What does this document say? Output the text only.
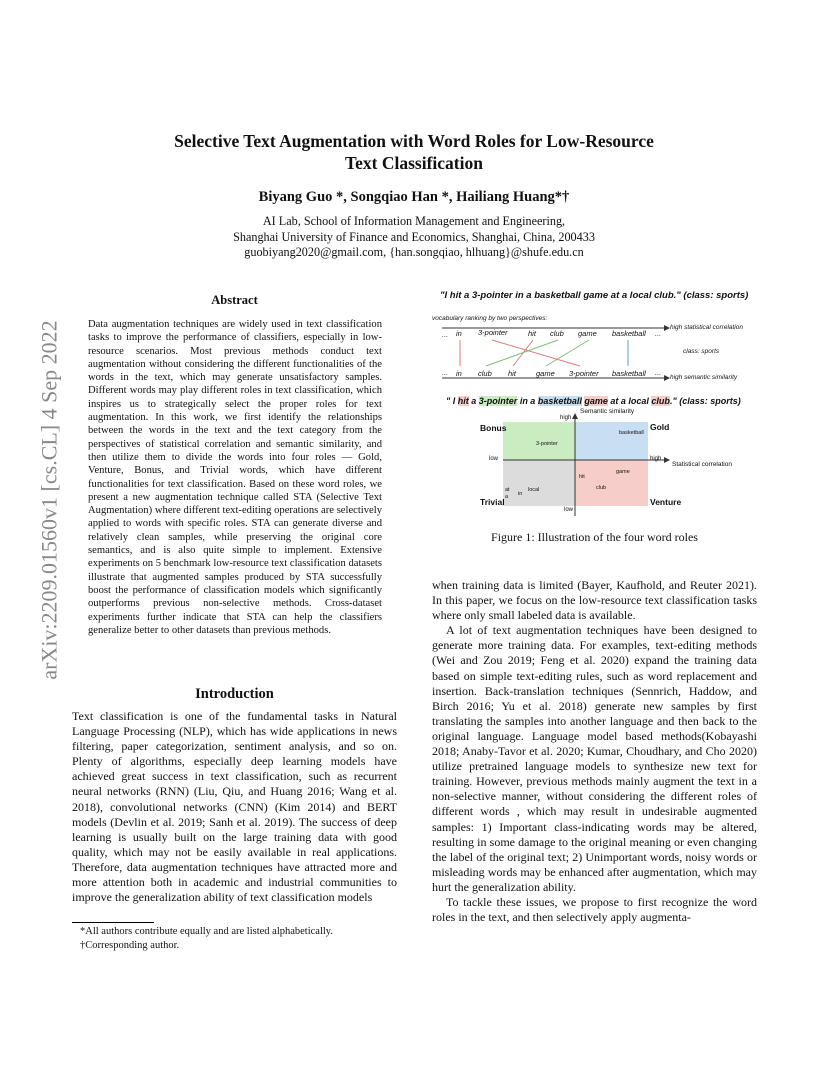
Selective Text Augmentation with Word Roles for Low-Resource
Text Classification
Biyang Guo *, Songqiao Han *, Hailiang Huang*†
AI Lab, School of Information Management and Engineering,
Shanghai University of Finance and Economics, Shanghai, China, 200433
guobiyang2020@gmail.com, {han.songqiao, hlhuang}@shufe.edu.cn
arXiv:2209.01560v1 [cs.CL] 4 Sep 2022
Abstract
Data augmentation techniques are widely used in text classification tasks to improve the performance of classifiers, especially in low-resource scenarios. Most previous methods conduct text augmentation without considering the different functionalities of the words in the text, which may generate unsatisfactory samples. Different words may play different roles in text classification, which inspires us to strategically select the proper roles for text augmentation. In this work, we first identify the relationships between the words in the text and the text category from the perspectives of statistical correlation and semantic similarity, and then utilize them to divide the words into four roles — Gold, Venture, Bonus, and Trivial words, which have different functionalities for text classification. Based on these word roles, we present a new augmentation technique called STA (Selective Text Augmentation) where different text-editing operations are selectively applied to words with specific roles. STA can generate diverse and relatively clean samples, while preserving the original core semantics, and is also quite simple to implement. Extensive experiments on 5 benchmark low-resource text classification datasets illustrate that augmented samples produced by STA successfully boost the performance of classification models which significantly outperforms previous non-selective methods. Cross-dataset experiments further indicate that STA can help the classifiers generalize better to other datasets than previous methods.
Introduction
Text classification is one of the fundamental tasks in Natural Language Processing (NLP), which has wide applications in news filtering, paper categorization, sentiment analysis, and so on. Plenty of algorithms, especially deep learning models have achieved great success in text classification, such as recurrent neural networks (RNN) (Liu, Qiu, and Huang 2016; Wang et al. 2018), convolutional networks (CNN) (Kim 2014) and BERT models (Devlin et al. 2019; Sanh et al. 2019). The success of deep learning is usually built on the large training data with good quality, which may not be easily available in real applications. Therefore, data augmentation techniques have attracted more and more attention both in academic and industrial communities to improve the generalization ability of text classification models
*All authors contribute equally and are listed alphabetically.
†Corresponding author.
"I hit a 3-pointer in a basketball game at a local club." (class: sports)
vocabulary ranking by two perspectives:
... in 3-pointer	hit club game basketball ...
high statistical correlation
class: sports
... in club hit	game 3-pointer basketball ...
high semantic similarity
" I hit a 3-pointer in a basketball game at a local club." (class: sports)
Semantic similarity
high
low
low	high
Statistical correlation
Bonus	Gold
Trivial	Venture
3-pointer
basketball
game
hit
club
at
in
a
local
Figure 1: Illustration of the four word roles

when training data is limited (Bayer, Kaufhold, and Reuter 2021). In this paper, we focus on the low-resource text classification tasks where only small labeled data is available.

A lot of text augmentation techniques have been designed to generate more training data. For examples, text-editing methods (Wei and Zou 2019; Feng et al. 2020) expand the training data based on simple text-editing rules, such as word replacement and insertion. Back-translation techniques (Sennrich, Haddow, and Birch 2016; Yu et al. 2018) generate new samples by first translating the samples into another language and then back to the original language. Language model based methods(Kobayashi 2018; Anaby-Tavor et al. 2020; Kumar, Choudhary, and Cho 2020) utilize pretrained language models to synthesize new text for training. However, previous methods mainly augment the text in a non-selective manner, without considering the different roles of different words , which may result in undesirable augmented samples: 1) Important class-indicating words may be altered, resulting in some damage to the original meaning or even changing the label of the original text; 2) Unimportant words, noisy words or misleading words may be enhanced after augmentation, which may hurt the generalization ability.

To tackle these issues, we propose to first recognize the word roles in the text, and then selectively apply augmenta-
